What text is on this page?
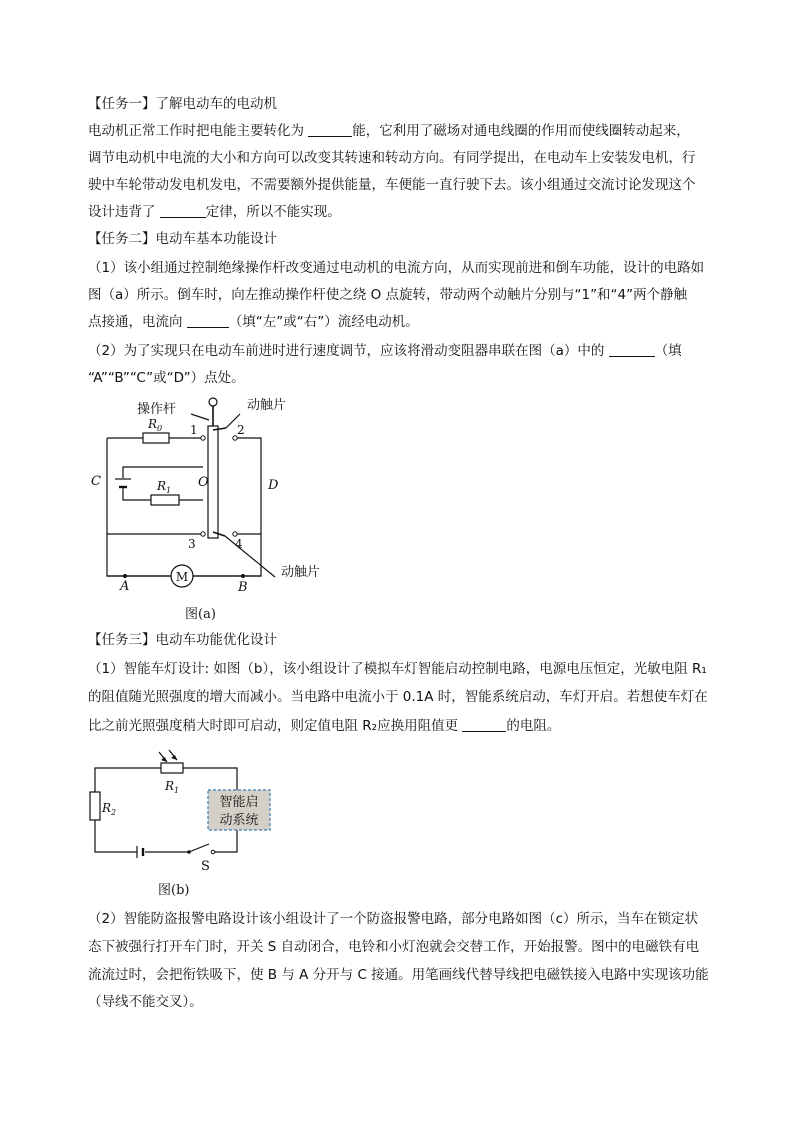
【任务一】了解电动车的电动机
电动机正常工作时把电能主要转化为	能，它利用了磁场对通电线圈的作用而使线圈转动起来，
调节电动机中电流的大小和方向可以改变其转速和转动方向。有同学提出，在电动车上安装发电机，行
驶中车轮带动发电机发电，不需要额外提供能量，车便能一直行驶下去。该小组通过交流讨论发现这个
设计违背了	定律，所以不能实现。
【任务二】电动车基本功能设计
（1）该小组通过控制绝缘操作杆改变通过电动机的电流方向，从而实现前进和倒车功能，设计的电路如
图（a）所示。倒车时，向左推动操作杆使之绕 O 点旋转，带动两个动触片分别与“1”和“4”两个静触
点接通，电流向	（填“左”或“右”）流经电动机。
（2）为了实现只在电动车前进时进行速度调节，应该将滑动变阻器串联在图（a）中的	（填
“A”“B”“C”或“D”）点处。
操作杆	动触片
动触片
$R_0$
$R_1$
1	2
3	4
C	D
O
A	B
M
图(a)
【任务三】电动车功能优化设计
（1）智能车灯设计: 如图（b），该小组设计了模拟车灯智能启动控制电路，电源电压恒定，光敏电阻 R₁
的阻值随光照强度的增大而减小。当电路中电流小于 0.1A 时，智能系统启动，车灯开启。若想使车灯在
比之前光照强度稍大时即可启动，则定值电阻 R₂应换用阻值更	的电阻。
智能启
动系统
$R_1$
$R_2$
S
图(b)
（2）智能防盗报警电路设计该小组设计了一个防盗报警电路，部分电路如图（c）所示，当车在锁定状
态下被强行打开车门时，开关 S 自动闭合，电铃和小灯泡就会交替工作，开始报警。图中的电磁铁有电
流流过时，会把衔铁吸下，使 B 与 A 分开与 C 接通。用笔画线代替导线把电磁铁接入电路中实现该功能
（导线不能交叉）。
